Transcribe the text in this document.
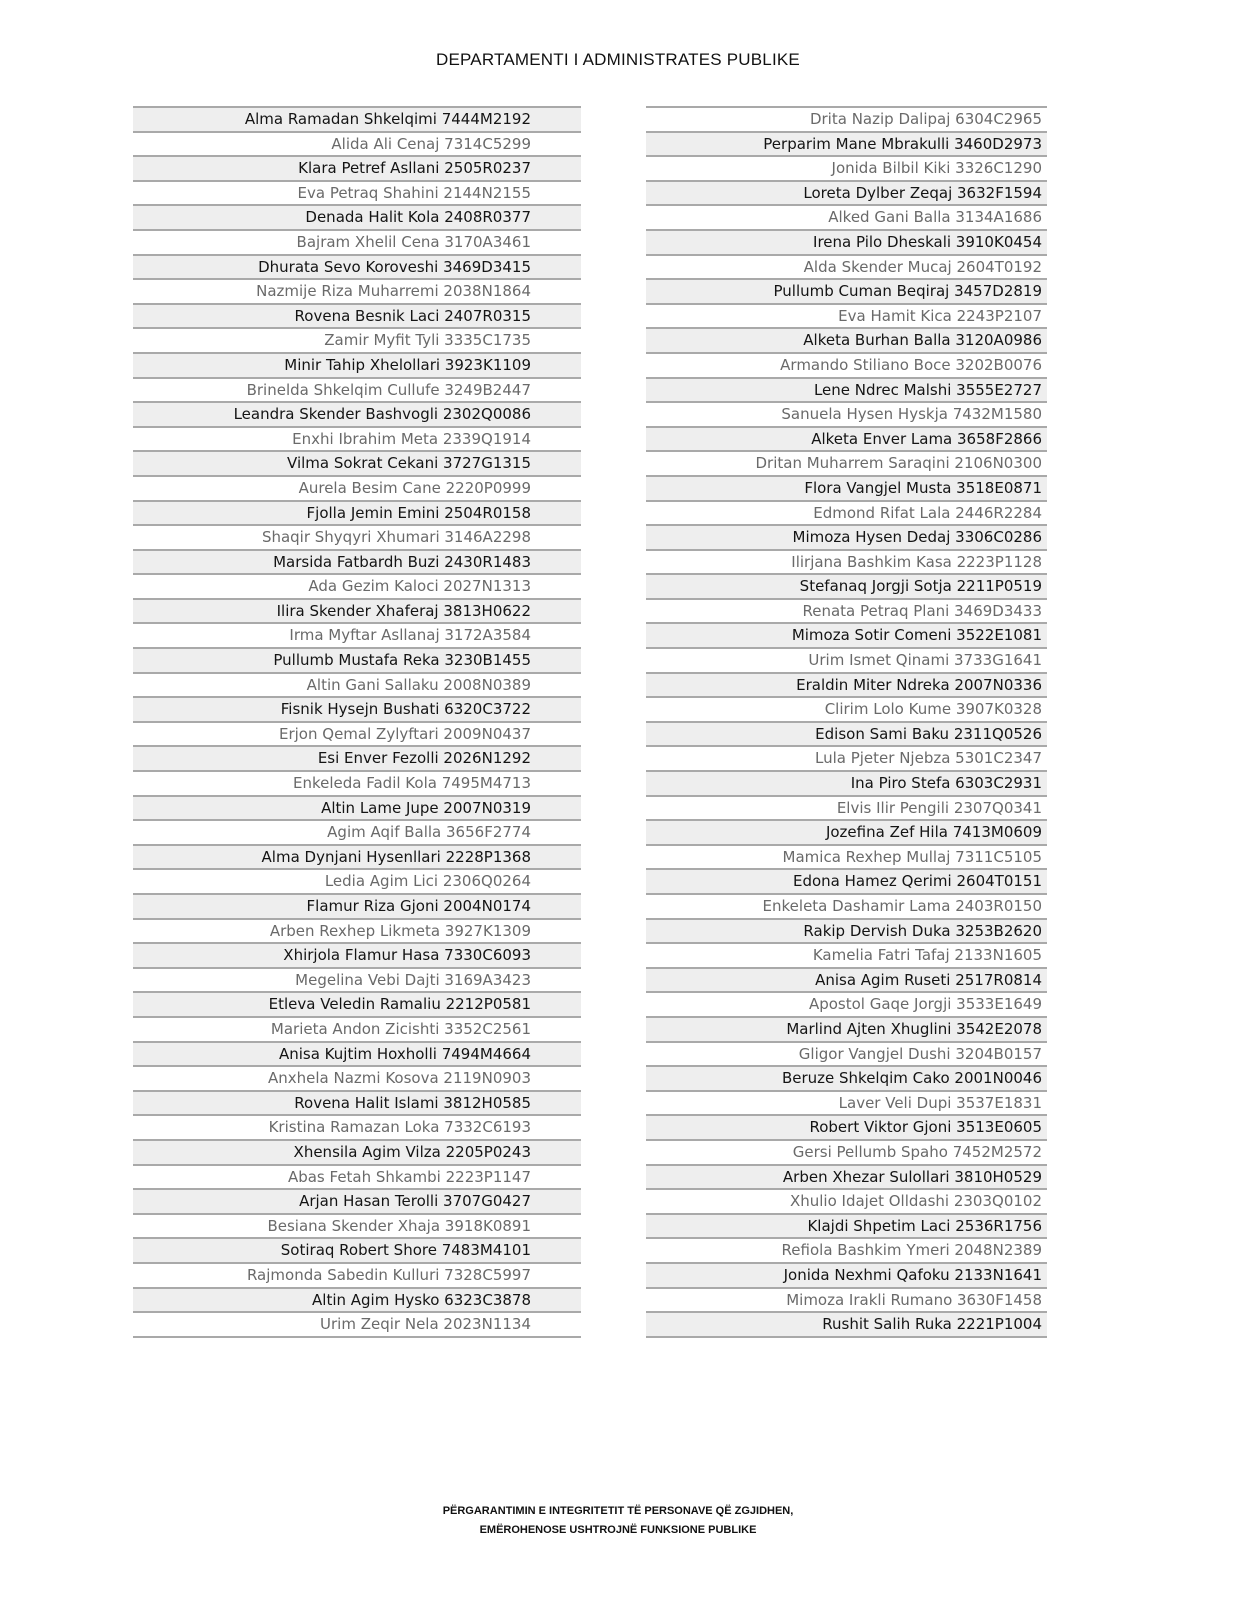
DEPARTAMENTI I ADMINISTRATES PUBLIKE
Alma Ramadan Shkelqimi 7444M2192
Alida Ali Cenaj 7314C5299
Klara Petref Asllani 2505R0237
Eva Petraq Shahini 2144N2155
Denada Halit Kola 2408R0377
Bajram Xhelil Cena 3170A3461
Dhurata Sevo Koroveshi 3469D3415
Nazmije Riza Muharremi 2038N1864
Rovena Besnik Laci 2407R0315
Zamir Myfit Tyli 3335C1735
Minir Tahip Xhelollari 3923K1109
Brinelda Shkelqim Cullufe 3249B2447
Leandra Skender Bashvogli 2302Q0086
Enxhi Ibrahim Meta 2339Q1914
Vilma Sokrat Cekani 3727G1315
Aurela Besim Cane 2220P0999
Fjolla Jemin Emini 2504R0158
Shaqir Shyqyri Xhumari 3146A2298
Marsida Fatbardh Buzi 2430R1483
Ada Gezim Kaloci 2027N1313
Ilira Skender Xhaferaj 3813H0622
Irma Myftar Asllanaj 3172A3584
Pullumb Mustafa Reka 3230B1455
Altin Gani Sallaku 2008N0389
Fisnik Hysejn Bushati 6320C3722
Erjon Qemal Zylyftari 2009N0437
Esi Enver Fezolli 2026N1292
Enkeleda Fadil Kola 7495M4713
Altin Lame Jupe 2007N0319
Agim Aqif Balla 3656F2774
Alma Dynjani Hysenllari 2228P1368
Ledia Agim Lici 2306Q0264
Flamur Riza Gjoni 2004N0174
Arben Rexhep Likmeta 3927K1309
Xhirjola Flamur Hasa 7330C6093
Megelina Vebi Dajti 3169A3423
Etleva Veledin Ramaliu 2212P0581
Marieta Andon Zicishti 3352C2561
Anisa Kujtim Hoxholli 7494M4664
Anxhela Nazmi Kosova 2119N0903
Rovena Halit Islami 3812H0585
Kristina Ramazan Loka 7332C6193
Xhensila Agim Vilza 2205P0243
Abas Fetah Shkambi 2223P1147
Arjan Hasan Terolli 3707G0427
Besiana Skender Xhaja 3918K0891
Sotiraq Robert Shore 7483M4101
Rajmonda Sabedin Kulluri 7328C5997
Altin Agim Hysko 6323C3878
Urim Zeqir Nela 2023N1134
Drita Nazip Dalipaj 6304C2965
Perparim Mane Mbrakulli 3460D2973
Jonida Bilbil Kiki 3326C1290
Loreta Dylber Zeqaj 3632F1594
Alked Gani Balla 3134A1686
Irena Pilo Dheskali 3910K0454
Alda Skender Mucaj 2604T0192
Pullumb Cuman Beqiraj 3457D2819
Eva Hamit Kica 2243P2107
Alketa Burhan Balla 3120A0986
Armando Stiliano Boce 3202B0076
Lene Ndrec Malshi 3555E2727
Sanuela Hysen Hyskja 7432M1580
Alketa Enver Lama 3658F2866
Dritan Muharrem Saraqini 2106N0300
Flora Vangjel Musta 3518E0871
Edmond Rifat Lala 2446R2284
Mimoza Hysen Dedaj 3306C0286
Ilirjana Bashkim Kasa 2223P1128
Stefanaq Jorgji Sotja 2211P0519
Renata Petraq Plani 3469D3433
Mimoza Sotir Comeni 3522E1081
Urim Ismet Qinami 3733G1641
Eraldin Miter Ndreka 2007N0336
Clirim Lolo Kume 3907K0328
Edison Sami Baku 2311Q0526
Lula Pjeter Njebza 5301C2347
Ina Piro Stefa 6303C2931
Elvis Ilir Pengili 2307Q0341
Jozefina Zef Hila 7413M0609
Mamica Rexhep Mullaj 7311C5105
Edona Hamez Qerimi 2604T0151
Enkeleta Dashamir Lama 2403R0150
Rakip Dervish Duka 3253B2620
Kamelia Fatri Tafaj 2133N1605
Anisa Agim Ruseti 2517R0814
Apostol Gaqe Jorgji 3533E1649
Marlind Ajten Xhuglini 3542E2078
Gligor Vangjel Dushi 3204B0157
Beruze Shkelqim Cako 2001N0046
Laver Veli Dupi 3537E1831
Robert Viktor Gjoni 3513E0605
Gersi Pellumb Spaho 7452M2572
Arben Xhezar Sulollari 3810H0529
Xhulio Idajet Olldashi 2303Q0102
Klajdi Shpetim Laci 2536R1756
Refiola Bashkim Ymeri 2048N2389
Jonida Nexhmi Qafoku 2133N1641
Mimoza Irakli Rumano 3630F1458
Rushit Salih Ruka 2221P1004
PËRGARANTIMIN E INTEGRITETIT TË PERSONAVE QË ZGJIDHEN,
EMËROHENOSE USHTROJNË FUNKSIONE PUBLIKE
